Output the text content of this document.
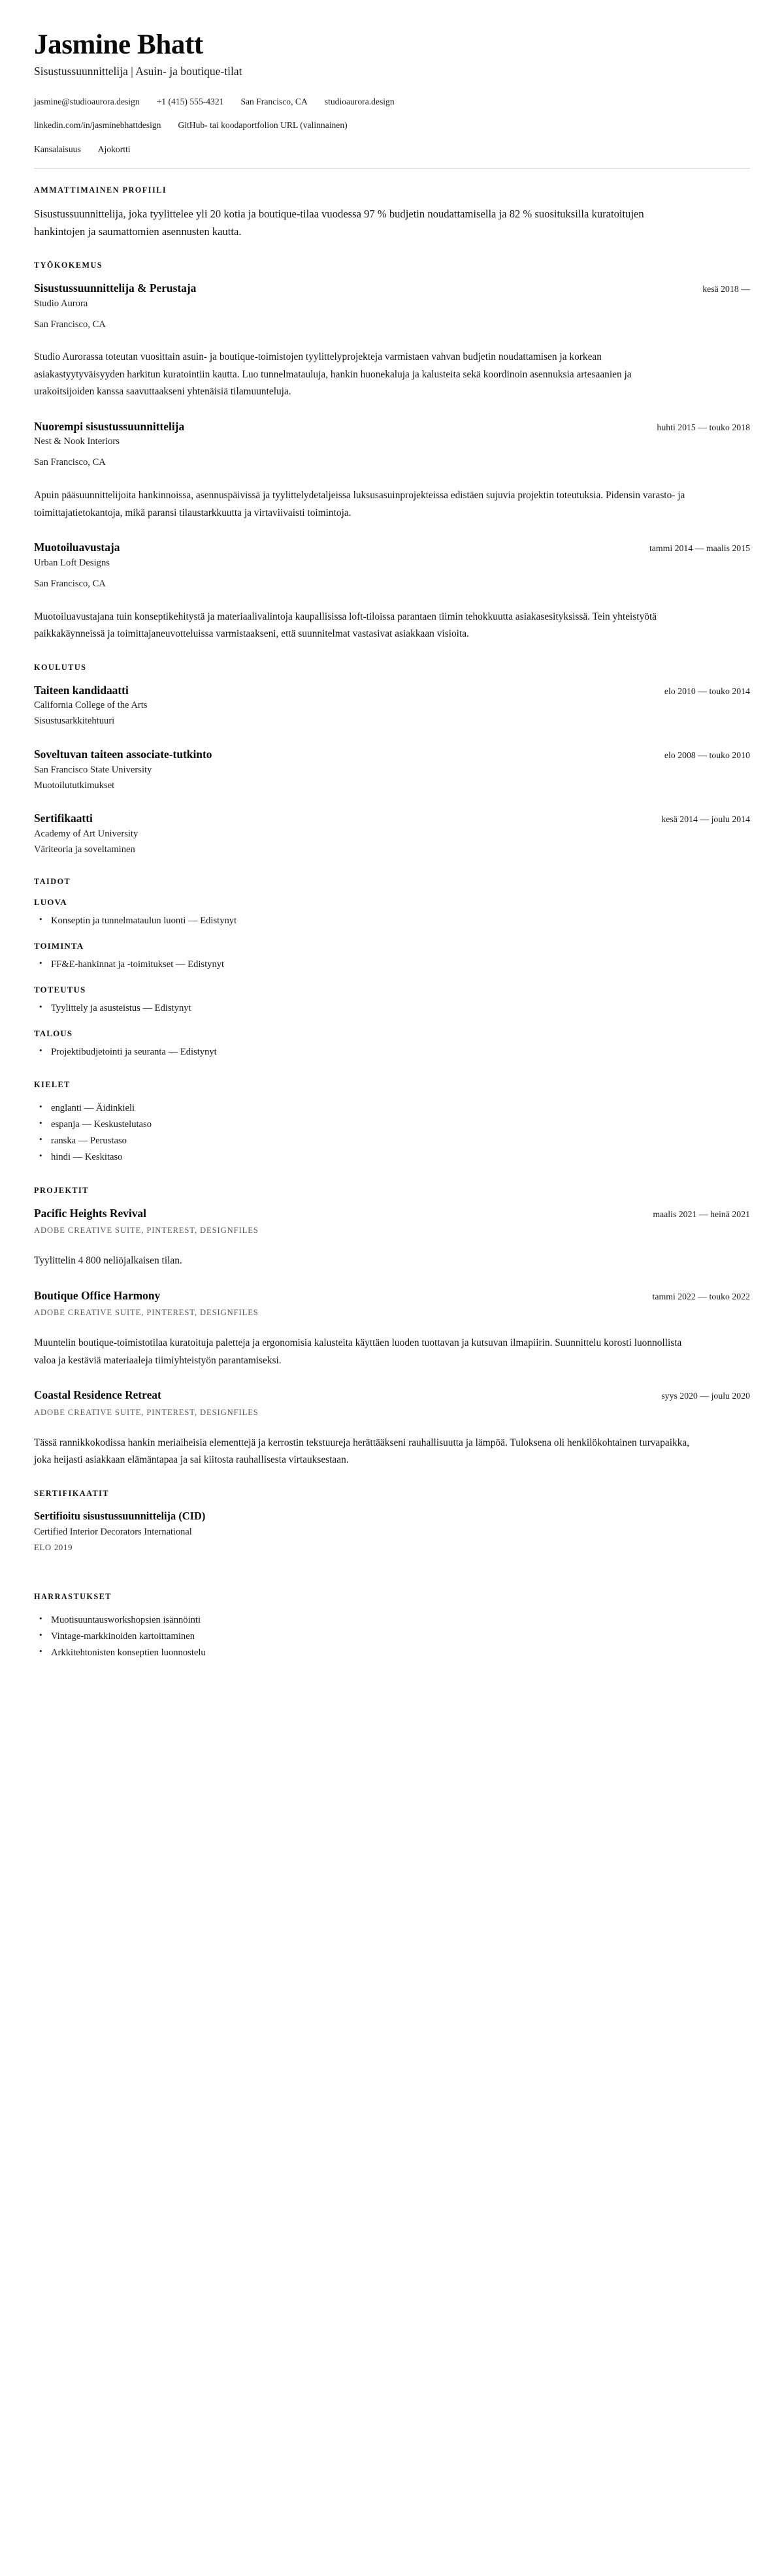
Jasmine Bhatt
Sisustussuunnittelija | Asuin- ja boutique-tilat
jasmine@studioaurora.design +1 (415) 555-4321 San Francisco, CA studioaurora.design
linkedin.com/in/jasminebhattdesign GitHub- tai koodaportfolion URL (valinnainen)
Kansalaisuus Ajokortti
AMMATTIMAINEN PROFIILI

Sisustussuunnittelija, joka tyylittelee yli 20 kotia ja boutique-tilaa vuodessa 97 % budjetin noudattamisella ja 82 % suosituksilla kuratoitujen hankintojen ja saumattomien asennusten kautta.

TYÖKOKEMUS
Sisustussuunnittelija & Perustaja	kesä 2018 —
Studio Aurora
San Francisco, CA

Studio Aurorassa toteutan vuosittain asuin- ja boutique-toimistojen tyylittelyprojekteja varmistaen vahvan budjetin noudattamisen ja korkean asiakastyytyväisyyden harkitun kuratointiin kautta. Luo tunnelmatauluja, hankin huonekaluja ja kalusteita sekä koordinoin asennuksia artesaanien ja urakoitsijoiden kanssa saavuttaakseni yhtenäisiä tilamuunteluja.

Nuorempi sisustussuunnittelija	huhti 2015 — touko 2018
Nest & Nook Interiors
San Francisco, CA

Apuin pääsuunnittelijoita hankinnoissa, asennuspäivissä ja tyylittelydetaljeissa luksusasuinprojekteissa edistäen sujuvia projektin toteutuksia. Pidensin varasto- ja toimittajatietokantoja, mikä paransi tilaustarkkuutta ja virtaviivaisti toimintoja.

Muotoiluavustaja	tammi 2014 — maalis 2015
Urban Loft Designs
San Francisco, CA

Muotoiluavustajana tuin konseptikehitystä ja materiaalivalintoja kaupallisissa loft-tiloissa parantaen tiimin tehokkuutta asiakasesityksissä. Tein yhteistyötä paikkakäynneissä ja toimittajaneuvotteluissa varmistaakseni, että suunnitelmat vastasivat asiakkaan visioita.

KOULUTUS
Taiteen kandidaatti	elo 2010 — touko 2014
California College of the Arts
Sisustusarkkitehtuuri
Soveltuvan taiteen associate-tutkinto	elo 2008 — touko 2010
San Francisco State University
Muotoilututkimukset
Sertifikaatti	kesä 2014 — joulu 2014
Academy of Art University
Väriteoria ja soveltaminen
TAIDOT
LUOVA
• Konseptin ja tunnelmataulun luonti — Edistynyt
TOIMINTA
• FF&E-hankinnat ja -toimitukset — Edistynyt
TOTEUTUS
• Tyylittely ja asusteistus — Edistynyt
TALOUS
• Projektibudjetointi ja seuranta — Edistynyt
KIELET
• englanti — Äidinkieli
• espanja — Keskustelutaso
• ranska — Perustaso
• hindi — Keskitaso
PROJEKTIT
Pacific Heights Revival	maalis 2021 — heinä 2021
ADOBE CREATIVE SUITE, PINTEREST, DESIGNFILES

Tyylittelin 4 800 neliöjalkaisen tilan.

Boutique Office Harmony	tammi 2022 — touko 2022
ADOBE CREATIVE SUITE, PINTEREST, DESIGNFILES

Muuntelin boutique-toimistotilaa kuratoituja paletteja ja ergonomisia kalusteita käyttäen luoden tuottavan ja kutsuvan ilmapiirin. Suunnittelu korosti luonnollista valoa ja kestäviä materiaaleja tiimiyhteistyön parantamiseksi.

Coastal Residence Retreat	syys 2020 — joulu 2020
ADOBE CREATIVE SUITE, PINTEREST, DESIGNFILES

Tässä rannikkokodissa hankin meriaiheisia elementtejä ja kerrostin tekstuureja herättääkseni rauhallisuutta ja lämpöä. Tuloksena oli henkilökohtainen turvapaikka, joka heijasti asiakkaan elämäntapaa ja sai kiitosta rauhallisesta virtauksestaan.

SERTIFIKAATIT
Sertifioitu sisustussuunnittelija (CID)
Certified Interior Decorators International
ELO 2019
HARRASTUKSET
• Muotisuuntausworkshopsien isännöinti
• Vintage-markkinoiden kartoittaminen
• Arkkitehtonisten konseptien luonnostelu
